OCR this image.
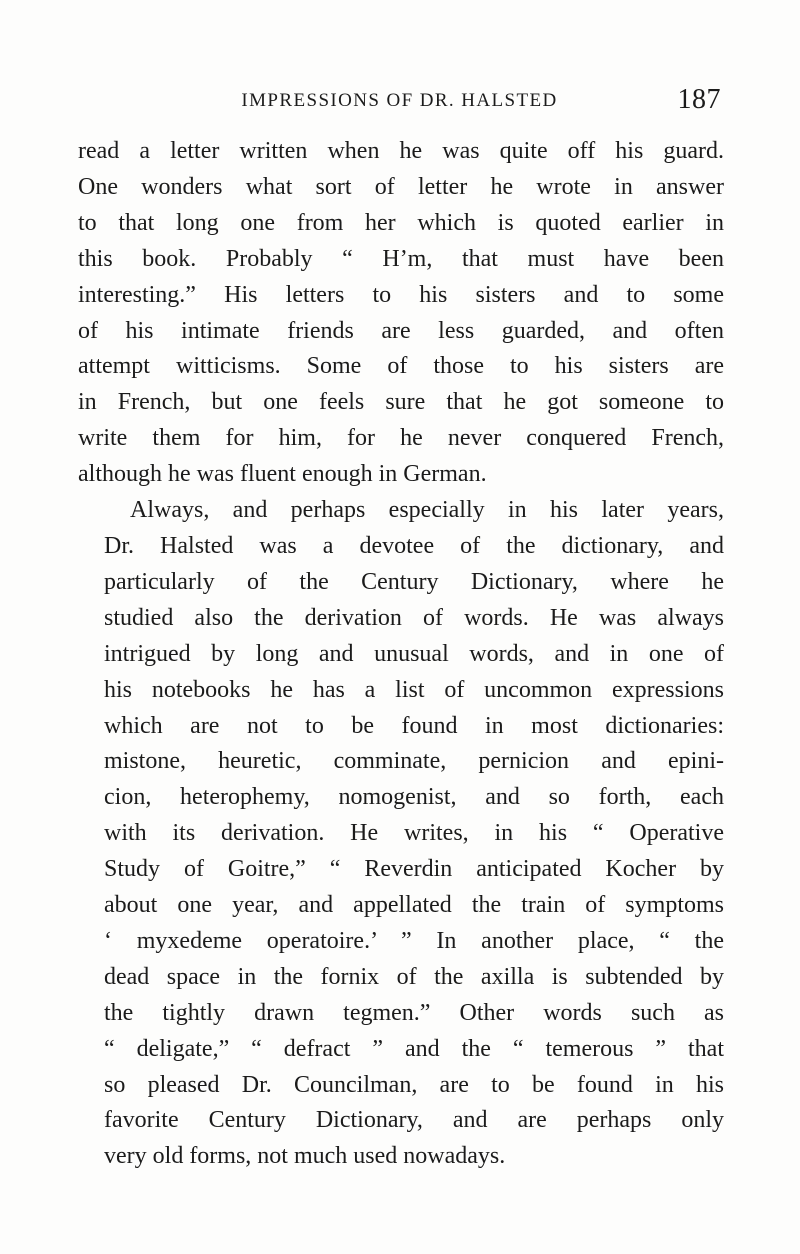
IMPRESSIONS OF DR. HALSTED	187

read a letter written when he was quite off his guard.
One wonders what sort of letter he wrote in answer
to that long one from her which is quoted earlier in
this book. Probably “ H’m, that must have been
interesting.” His letters to his sisters and to some
of his intimate friends are less guarded, and often
attempt witticisms. Some of those to his sisters are
in French, but one feels sure that he got someone to
write them for him, for he never conquered French,
although he was fluent enough in German.

Always, and perhaps especially in his later years,
Dr. Halsted was a devotee of the dictionary, and
particularly of the Century Dictionary, where he
studied also the derivation of words. He was always
intrigued by long and unusual words, and in one of
his notebooks he has a list of uncommon expressions
which are not to be found in most dictionaries:
mistone, heuretic, comminate, pernicion and epini-
cion, heterophemy, nomogenist, and so forth, each
with its derivation. He writes, in his “ Operative
Study of Goitre,” “ Reverdin anticipated Kocher by
about one year, and appellated the train of symptoms
‘ myxedeme operatoire.’ ” In another place, “ the
dead space in the fornix of the axilla is subtended by
the tightly drawn tegmen.” Other words such as
“ deligate,” “ defract ” and the “ temerous ” that
so pleased Dr. Councilman, are to be found in his
favorite Century Dictionary, and are perhaps only
very old forms, not much used nowadays.
